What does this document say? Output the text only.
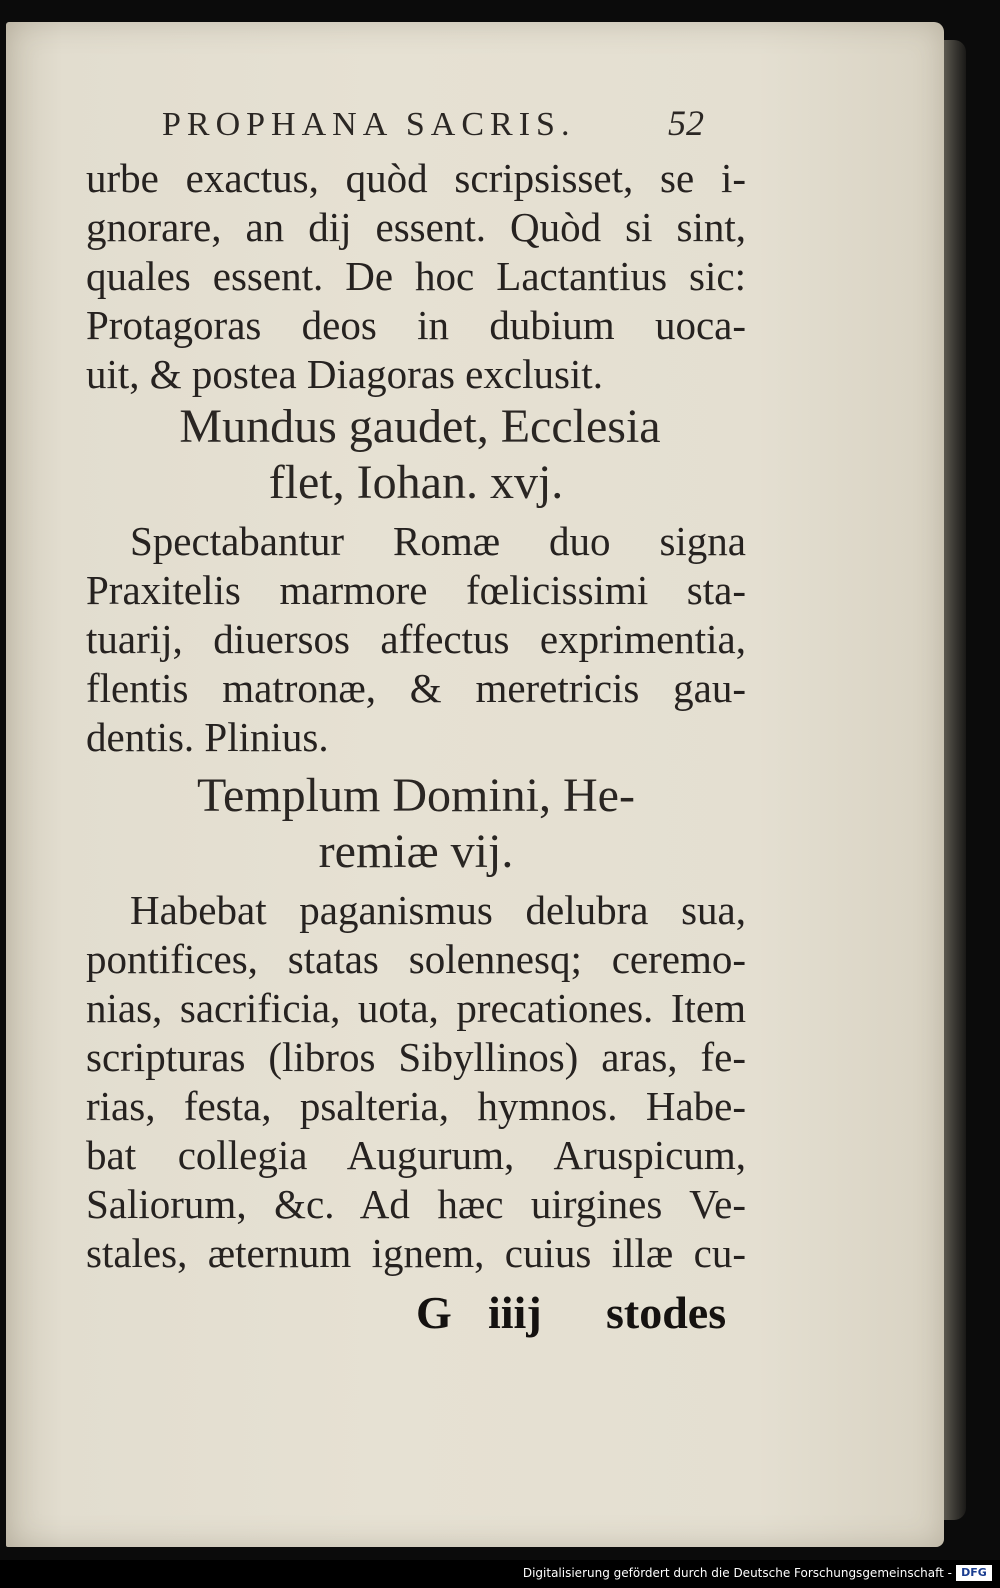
PROPHANA SACRIS.	52
urbe exactus, quòd scripsisset, se i-
gnorare, an dij essent. Quòd si sint,
quales essent. De hoc Lactantius sic:
Protagoras deos in dubium uoca-
uit, & postea Diagoras exclusit.
Mundus gaudet, Ecclesia
flet, Iohan. xvj.
Spectabantur Romæ duo signa
Praxitelis marmore fœlicissimi sta-
tuarij, diuersos affectus exprimentia,
flentis matronæ, & meretricis gau-
dentis. Plinius.
Templum Domini, He-
remiæ vij.
Habebat paganismus delubra sua,
pontifices, statas solennesq; ceremo-
nias, sacrificia, uota, precationes. Item
scripturas (libros Sibyllinos) aras, fe-
rias, festa, psalteria, hymnos. Habe-
bat collegia Augurum, Aruspicum,
Saliorum, &c. Ad hæc uirgines Ve-
stales, æternum ignem, cuius illæ cu-
G iiij stodes
Digitalisierung gefördert durch die Deutsche Forschungsgemeinschaft - DFG
